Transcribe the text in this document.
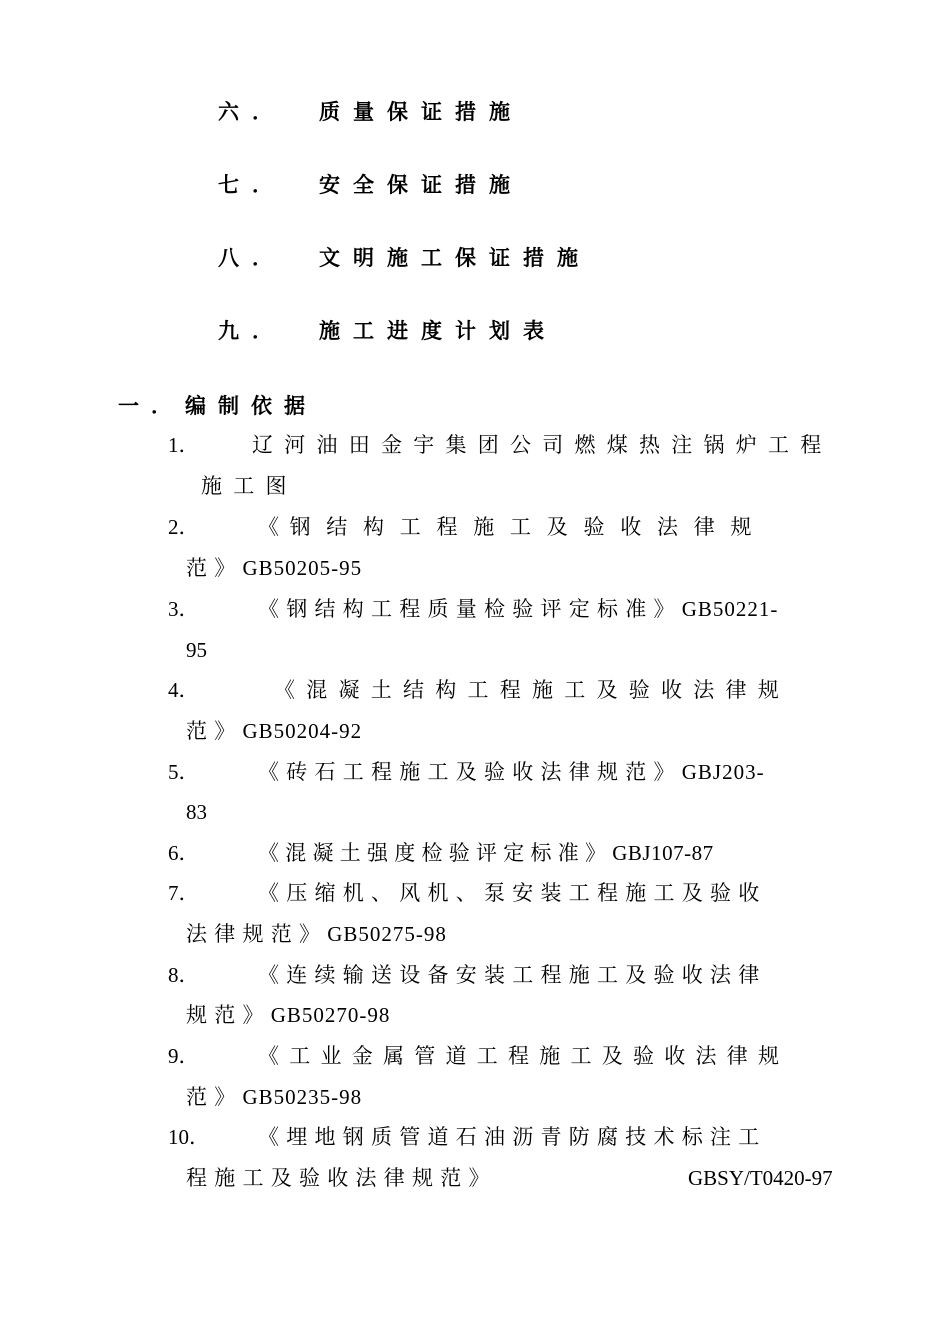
六． 质量保证措施
七． 安全保证措施
八． 文明施工保证措施
九． 施工进度计划表
一． 编制依据
1．	辽 河 油 田 金 宇 集 团 公 司 燃 煤 热 注 锅 炉 工 程
施 工 图
2．	《  钢   结   构   工   程   施   工   及   验   收   法   律   规
范 》 GB50205-95
3．	《 钢 结 构 工 程 质 量 检 验 评 定 标 准 》 GB50221-
95
4．	《 混 凝 土 结 构 工 程 施 工 及 验 收 法 律 规
范 》 GB50204-92
5．	《 砖 石 工 程 施 工 及 验 收 法 律 规 范 》 GBJ203-
83
6．	《 混 凝 土 强 度 检 验 评 定 标 准 》 GBJ107-87
7．	《 压 缩 机 、 风 机 、 泵 安 装 工 程 施 工 及 验 收
法 律 规 范 》 GB50275-98
8．	《 连 续 输 送 设 备 安 装 工 程 施 工 及 验 收 法 律
规 范 》 GB50270-98
9．	《 工 业 金 属 管 道 工 程 施 工 及 验 收 法 律 规
范 》 GB50235-98
10． 《 埋 地 钢 质 管 道 石 油 沥 青 防 腐 技 术 标 注 工
程 施 工 及 验 收 法 律 规 范 》	GBSY/T0420-97
